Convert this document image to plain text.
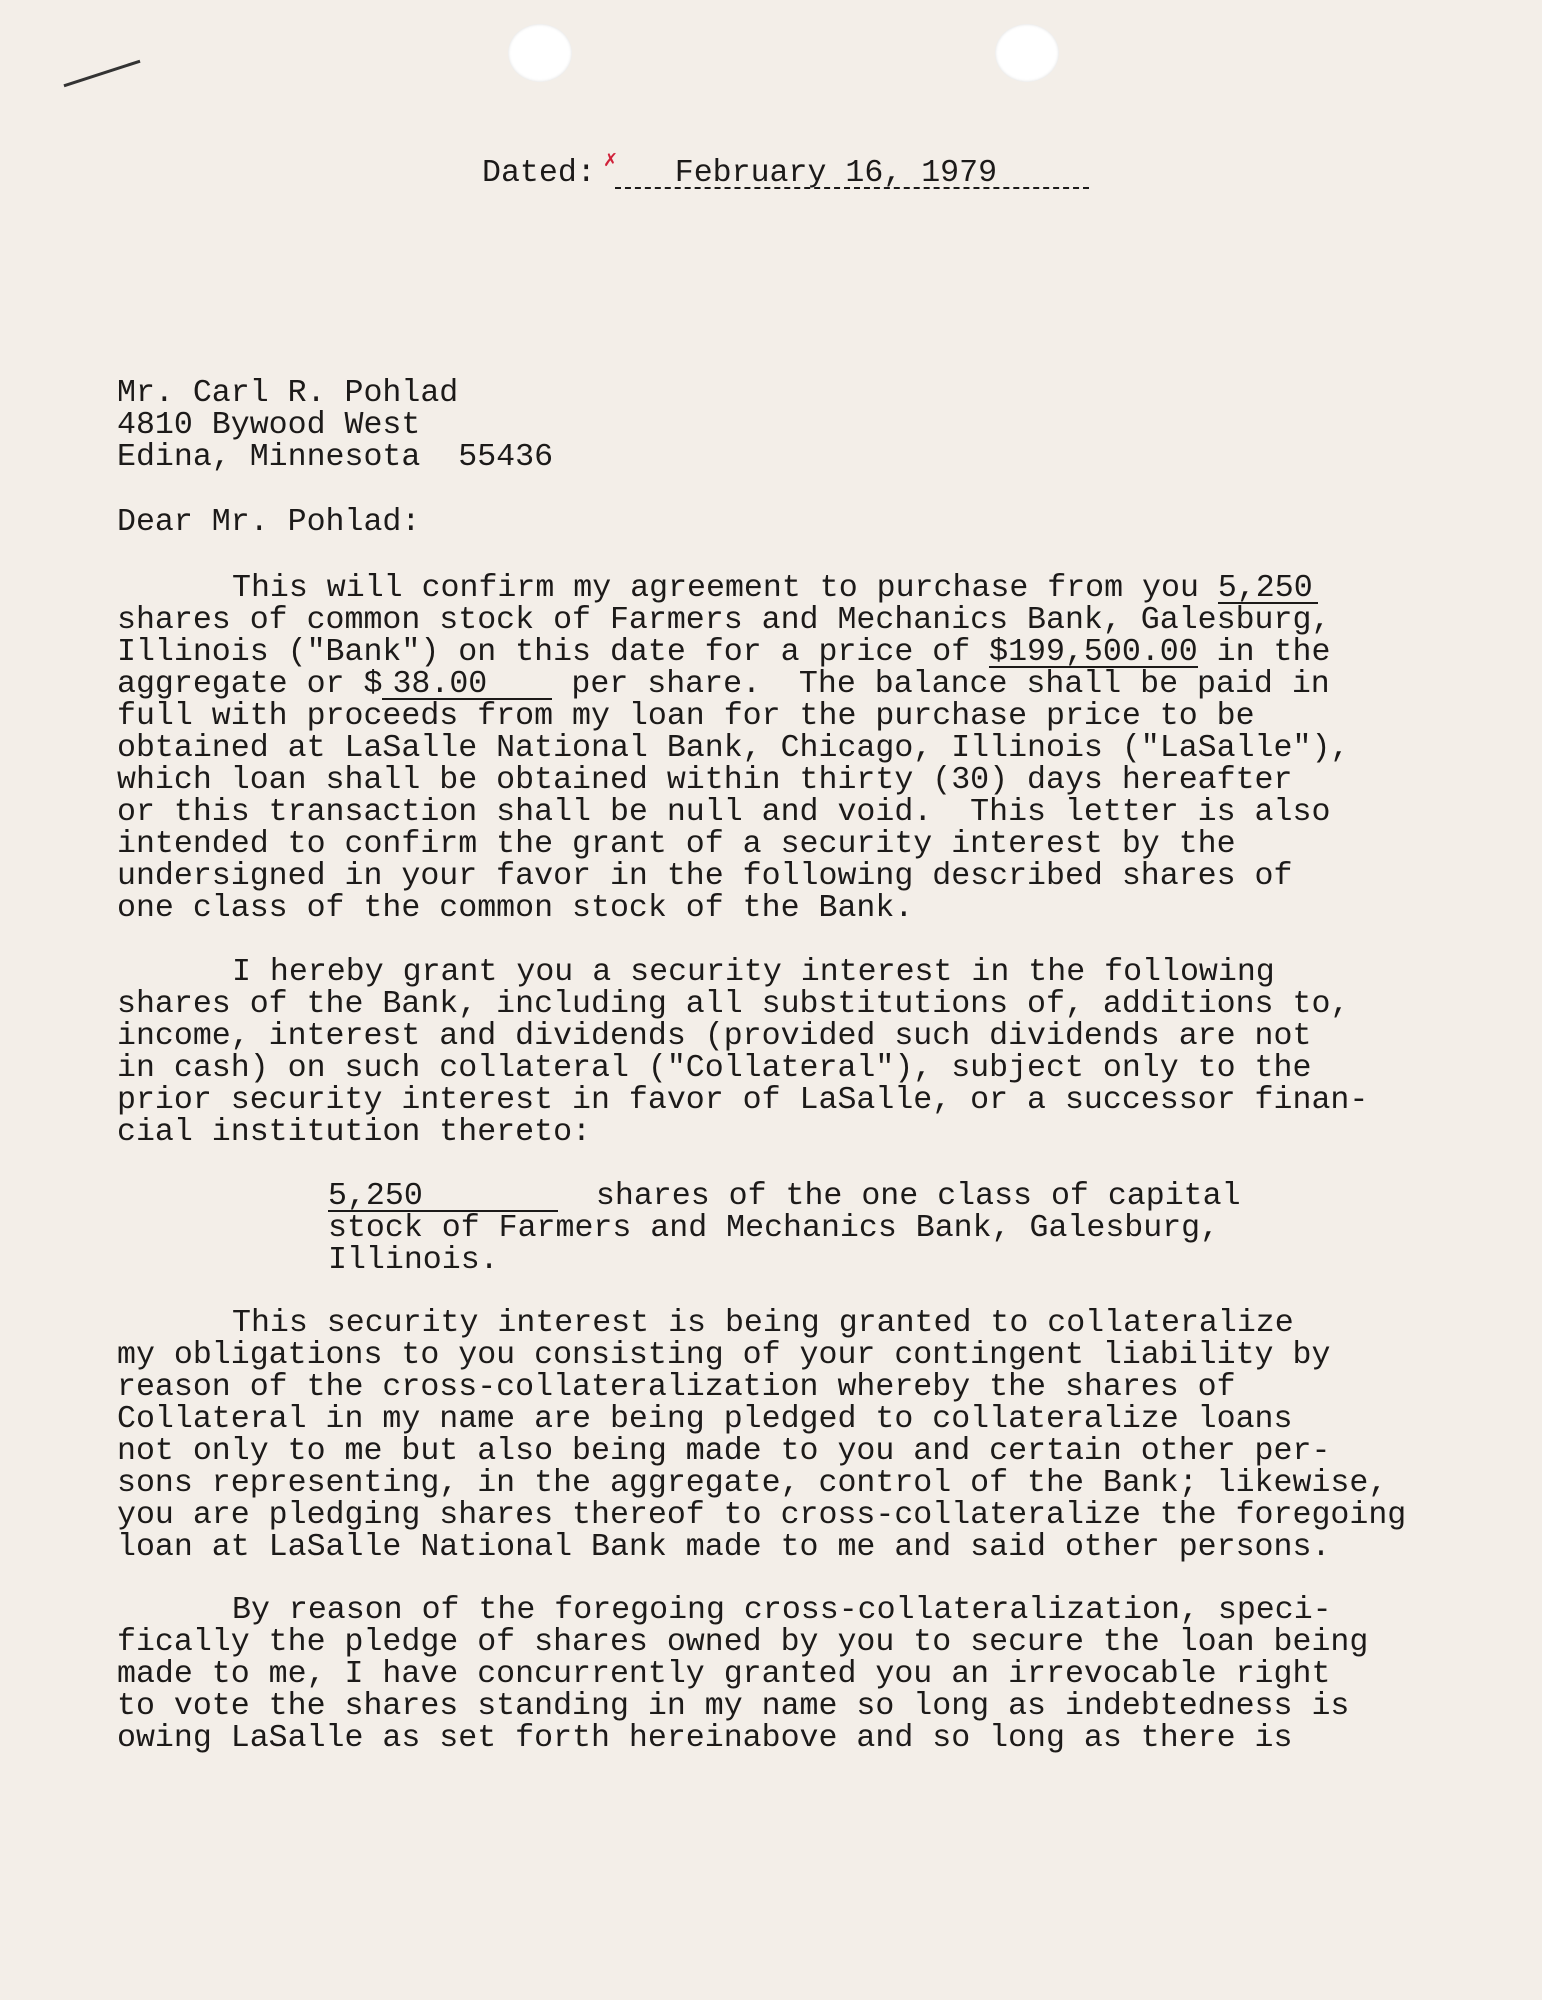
✗
Dated: February 16, 1979
Mr. Carl R. Pohlad
4810 Bywood West
Edina, Minnesota  55436
Dear Mr. Pohlad:
This will confirm my agreement to purchase from you 5,250
shares of common stock of Farmers and Mechanics Bank, Galesburg,
Illinois ("Bank") on this date for a price of $199,500.00 in the
aggregate or $ 38.00 per share.  The balance shall be paid in
full with proceeds from my loan for the purchase price to be
obtained at LaSalle National Bank, Chicago, Illinois ("LaSalle"),
which loan shall be obtained within thirty (30) days hereafter
or this transaction shall be null and void.  This letter is also
intended to confirm the grant of a security interest by the
undersigned in your favor in the following described shares of
one class of the common stock of the Bank.
I hereby grant you a security interest in the following
shares of the Bank, including all substitutions of, additions to,
income, interest and dividends (provided such dividends are not
in cash) on such collateral ("Collateral"), subject only to the
prior security interest in favor of LaSalle, or a successor finan-
cial institution thereto:
5,250	shares of the one class of capital
stock of Farmers and Mechanics Bank, Galesburg,
Illinois.
This security interest is being granted to collateralize
my obligations to you consisting of your contingent liability by
reason of the cross-collateralization whereby the shares of
Collateral in my name are being pledged to collateralize loans
not only to me but also being made to you and certain other per-
sons representing, in the aggregate, control of the Bank; likewise,
you are pledging shares thereof to cross-collateralize the foregoing
loan at LaSalle National Bank made to me and said other persons.
By reason of the foregoing cross-collateralization, speci-
fically the pledge of shares owned by you to secure the loan being
made to me, I have concurrently granted you an irrevocable right
to vote the shares standing in my name so long as indebtedness is
owing LaSalle as set forth hereinabove and so long as there is
